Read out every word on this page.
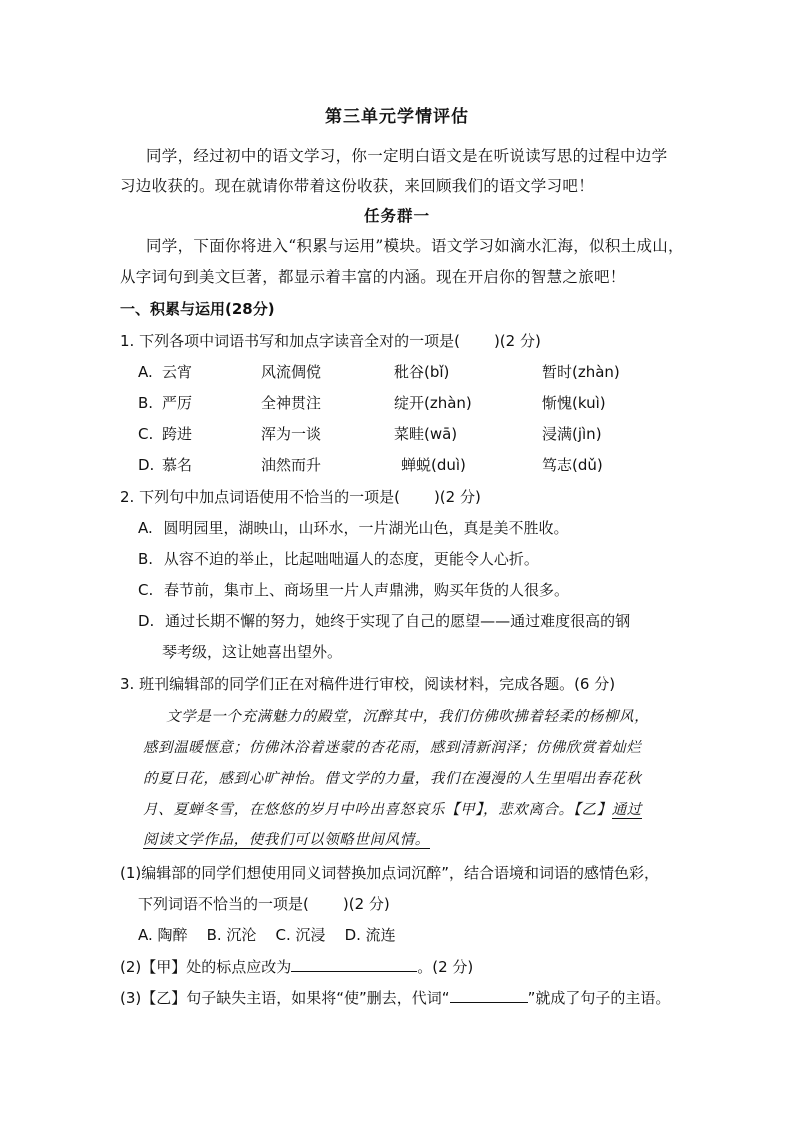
第三单元学情评估
同学，经过初中的语文学习，你一定明白语文是在听说读写思的过程中边学
习边收获的。现在就请你带着这份收获，来回顾我们的语文学习吧！
任务群一
同学，下面你将进入“积累与运用”模块。语文学习如滴水汇海，似积土成山，
从字词句到美文巨著，都显示着丰富的内涵。现在开启你的智慧之旅吧！
一、积累与运用(28分)
1. 下列各项中词语书写和加点字读音全对的一项是( )(2 分)
A. 云宵	风流倜傥	秕谷(bǐ)	暂时(zhàn)
B. 严厉	全神贯注	绽开(zhàn)	惭愧(kuì)
C. 跨进	浑为一谈	菜畦(wā)	浸满(jìn)
D. 慕名	油然而升	蝉蜕(duì)	笃志(dǔ)
2. 下列句中加点词语使用不恰当的一项是( )(2 分)
A. 圆明园里，湖映山，山环水，一片湖光山色，真是美不胜收。
B. 从容不迫的举止，比起咄咄逼人的态度，更能令人心折。
C. 春节前，集市上、商场里一片人声鼎沸，购买年货的人很多。
D. 通过长期不懈的努力，她终于实现了自己的愿望——通过难度很高的钢
琴考级，这让她喜出望外。
3. 班刊编辑部的同学们正在对稿件进行审校，阅读材料，完成各题。(6 分)
文学是一个充满魅力的殿堂，沉醉其中，我们仿佛吹拂着轻柔的杨柳风，
感到温暖惬意；仿佛沐浴着迷蒙的杏花雨，感到清新润泽；仿佛欣赏着灿烂
的夏日花，感到心旷神怡。借文学的力量，我们在漫漫的人生里唱出春花秋
月、夏蝉冬雪，在悠悠的岁月中吟出喜怒哀乐【甲】，悲欢离合。【乙】通过
阅读文学作品，使我们可以领略世间风情。
(1)编辑部的同学们想使用同义词替换加点词沉醉”，结合语境和词语的感情色彩，
下列词语不恰当的一项是( )(2 分)
A. 陶醉    B. 沉沦    C. 沉浸    D. 流连
(2)【甲】处的标点应改为	。(2 分)
(3)【乙】句子缺失主语，如果将“使”删去，代词“	”就成了句子的主语。
